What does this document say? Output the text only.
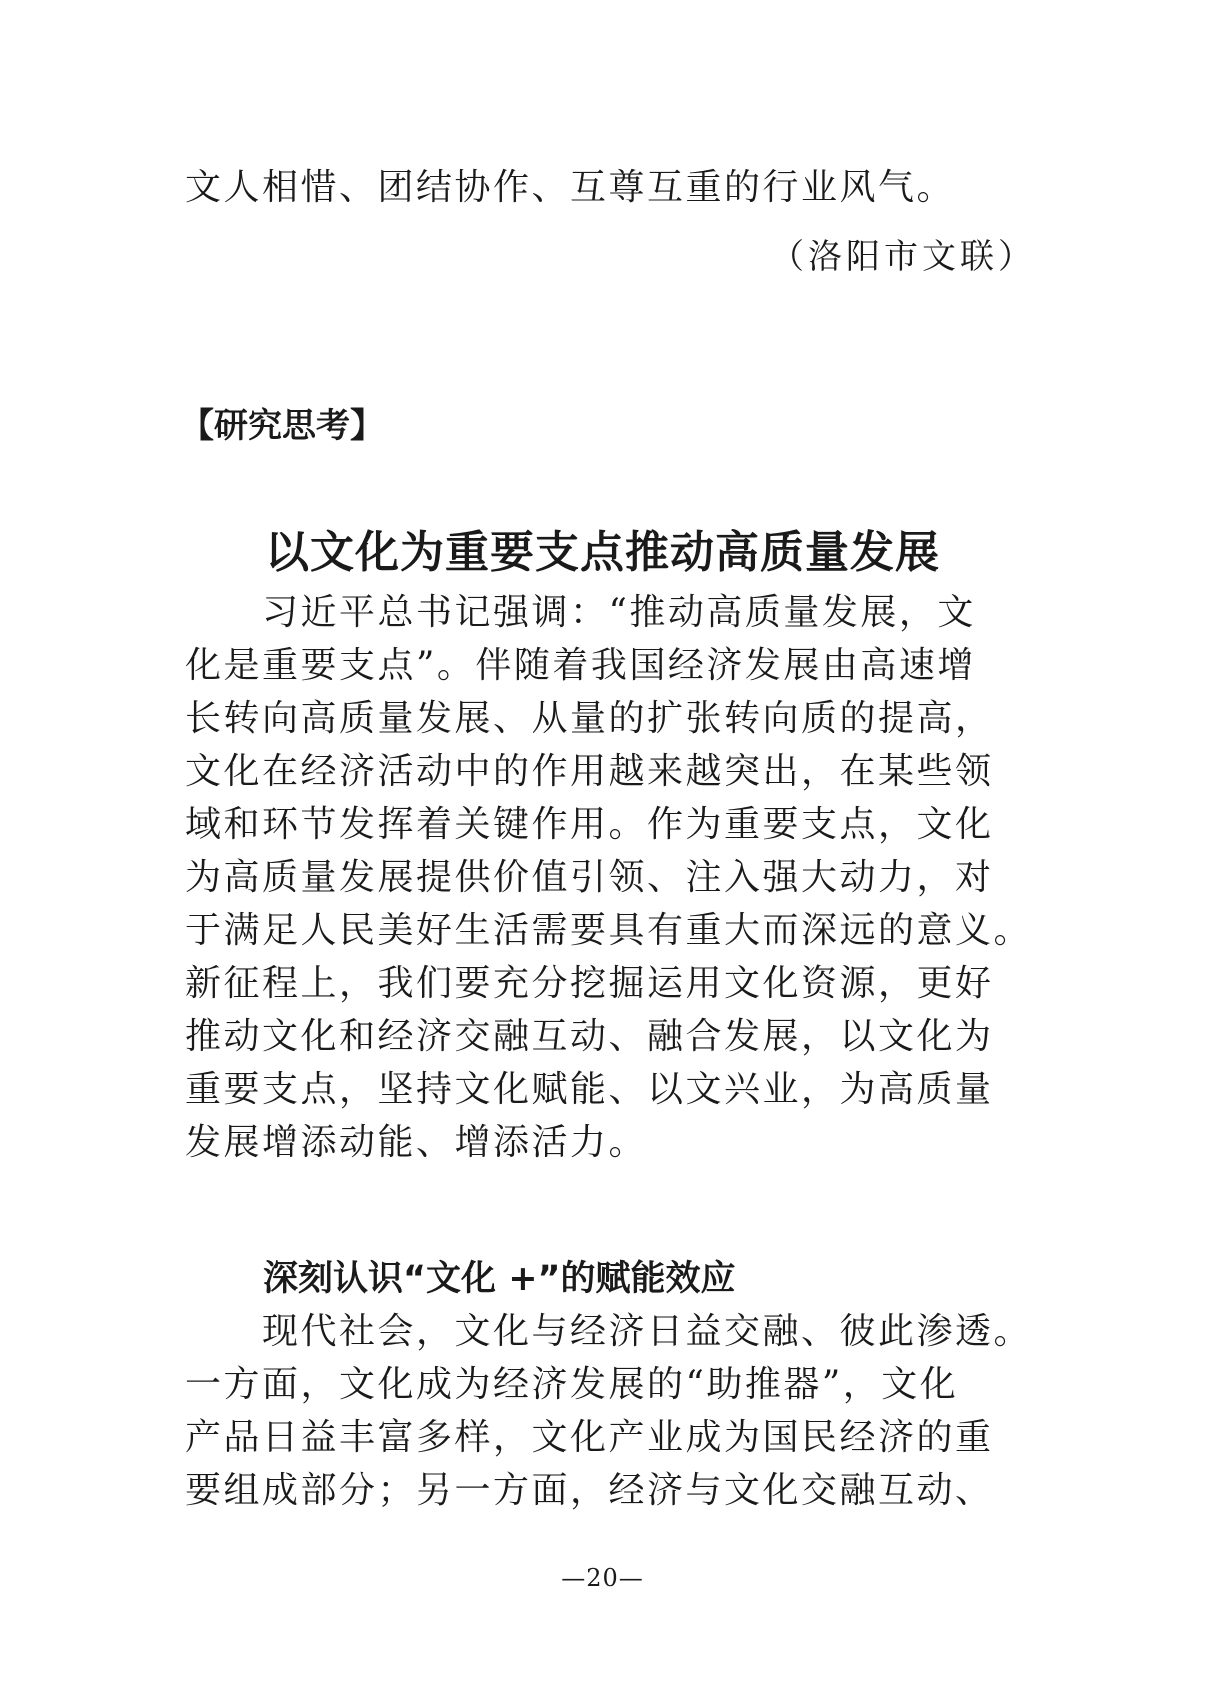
文人相惜、团结协作、互尊互重的行业风气。
（洛阳市文联）
【研究思考】
以文化为重要支点推动高质量发展
　　习近平总书记强调：“推动高质量发展，文
化是重要支点”。伴随着我国经济发展由高速增
长转向高质量发展、从量的扩张转向质的提高，
文化在经济活动中的作用越来越突出，在某些领
域和环节发挥着关键作用。作为重要支点，文化
为高质量发展提供价值引领、注入强大动力，对
于满足人民美好生活需要具有重大而深远的意义。
新征程上，我们要充分挖掘运用文化资源，更好
推动文化和经济交融互动、融合发展，以文化为
重要支点，坚持文化赋能、以文兴业，为高质量
发展增添动能、增添活力。
深刻认识“文化 +”的赋能效应
　　现代社会，文化与经济日益交融、彼此渗透。
一方面，文化成为经济发展的“助推器”，文化
产品日益丰富多样，文化产业成为国民经济的重
要组成部分；另一方面，经济与文化交融互动、
—20—
